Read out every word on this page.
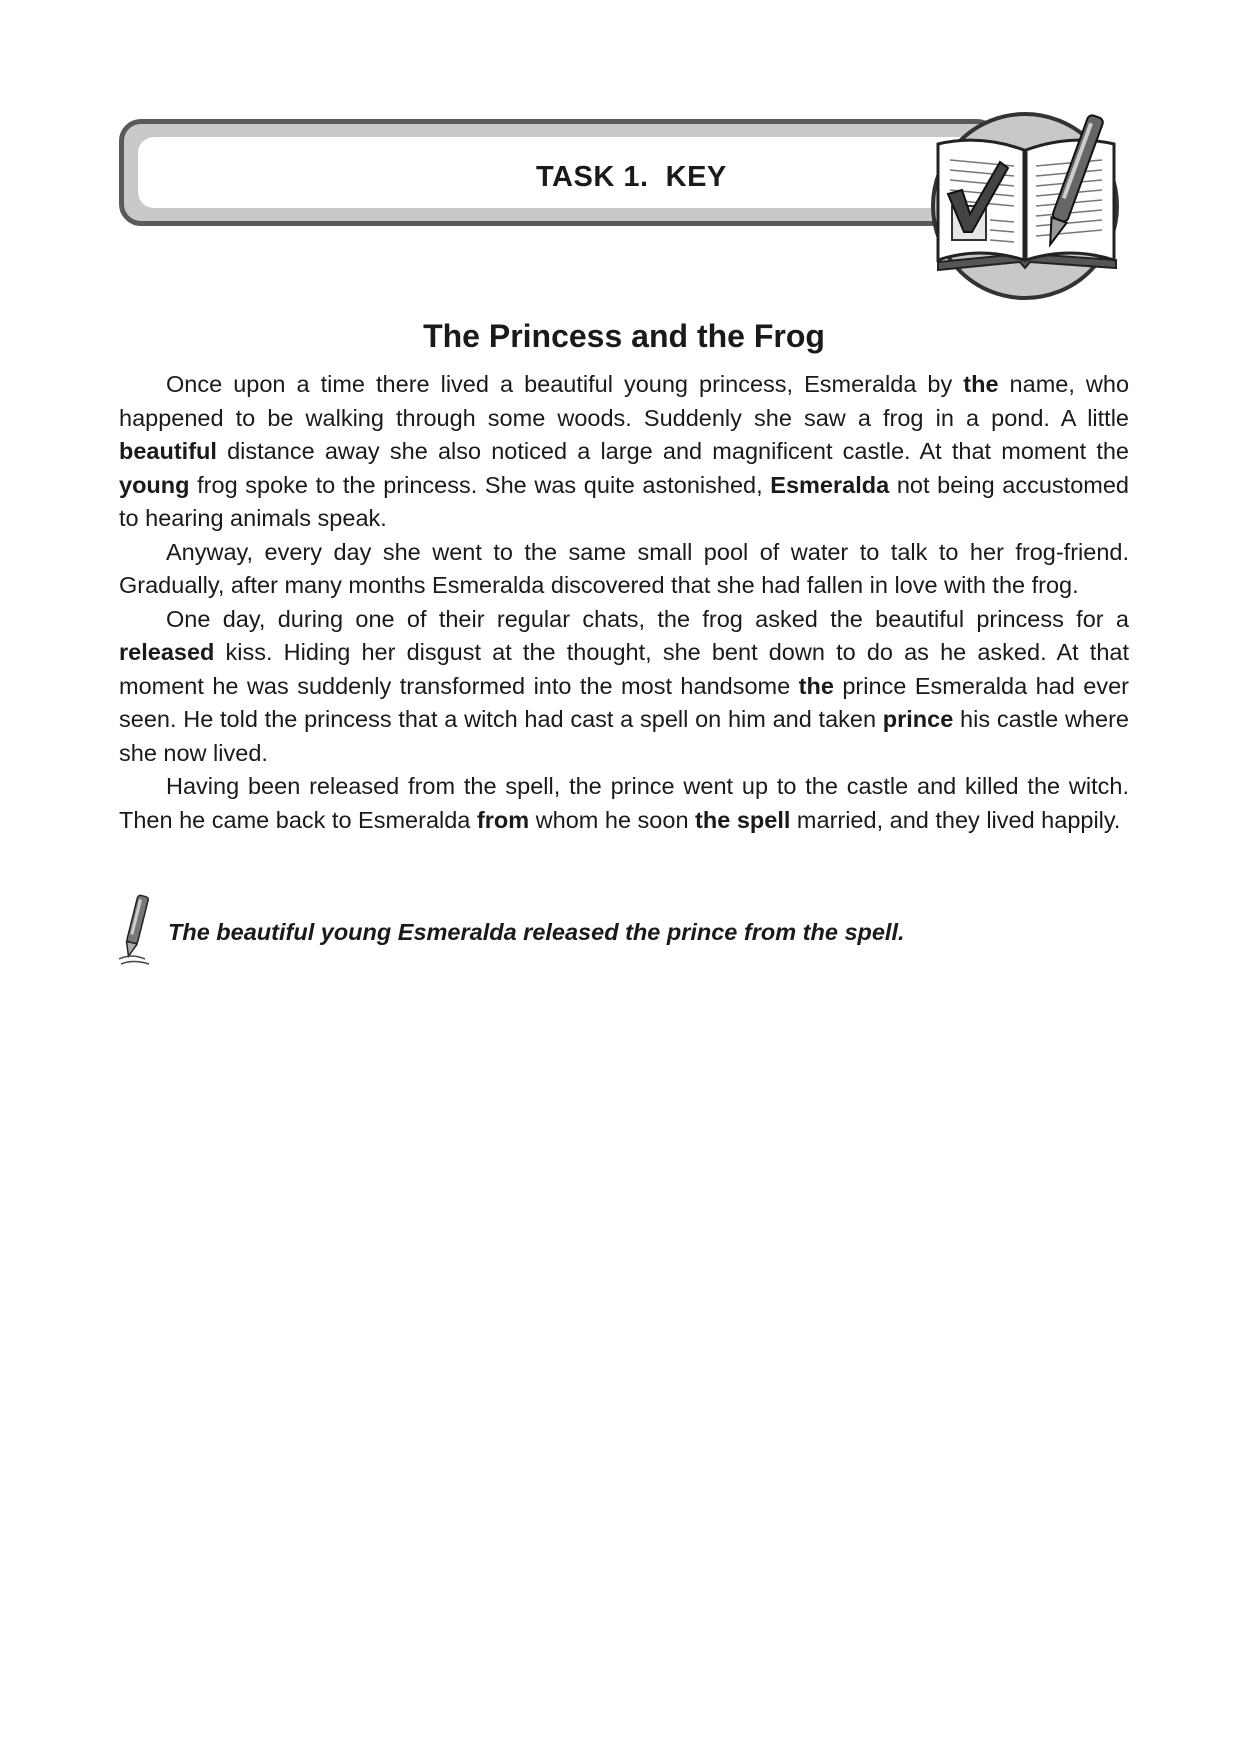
TASK 1.  KEY
The Princess and the Frog

Once upon a time there lived a beautiful young princess, Esmeralda by the name, who happened to be walking through some woods. Suddenly she saw a frog in a pond. A little beautiful distance away she also noticed a large and magnificent castle. At that moment the young frog spoke to the princess. She was quite astonished, Esmeralda not being accustomed to hearing animals speak.

Anyway, every day she went to the same small pool of water to talk to her frog-friend. Gradually, after many months Esmeralda discovered that she had fallen in love with the frog.

One day, during one of their regular chats, the frog asked the beautiful princess for a released kiss. Hiding her disgust at the thought, she bent down to do as he asked. At that moment he was suddenly transformed into the most handsome the prince Esmeralda had ever seen. He told the princess that a witch had cast a spell on him and taken prince his castle where she now lived.

Having been released from the spell, the prince went up to the castle and killed the witch. Then he came back to Esmeralda from whom he soon the spell married, and they lived happily.

The beautiful young Esmeralda released the prince from the spell.
